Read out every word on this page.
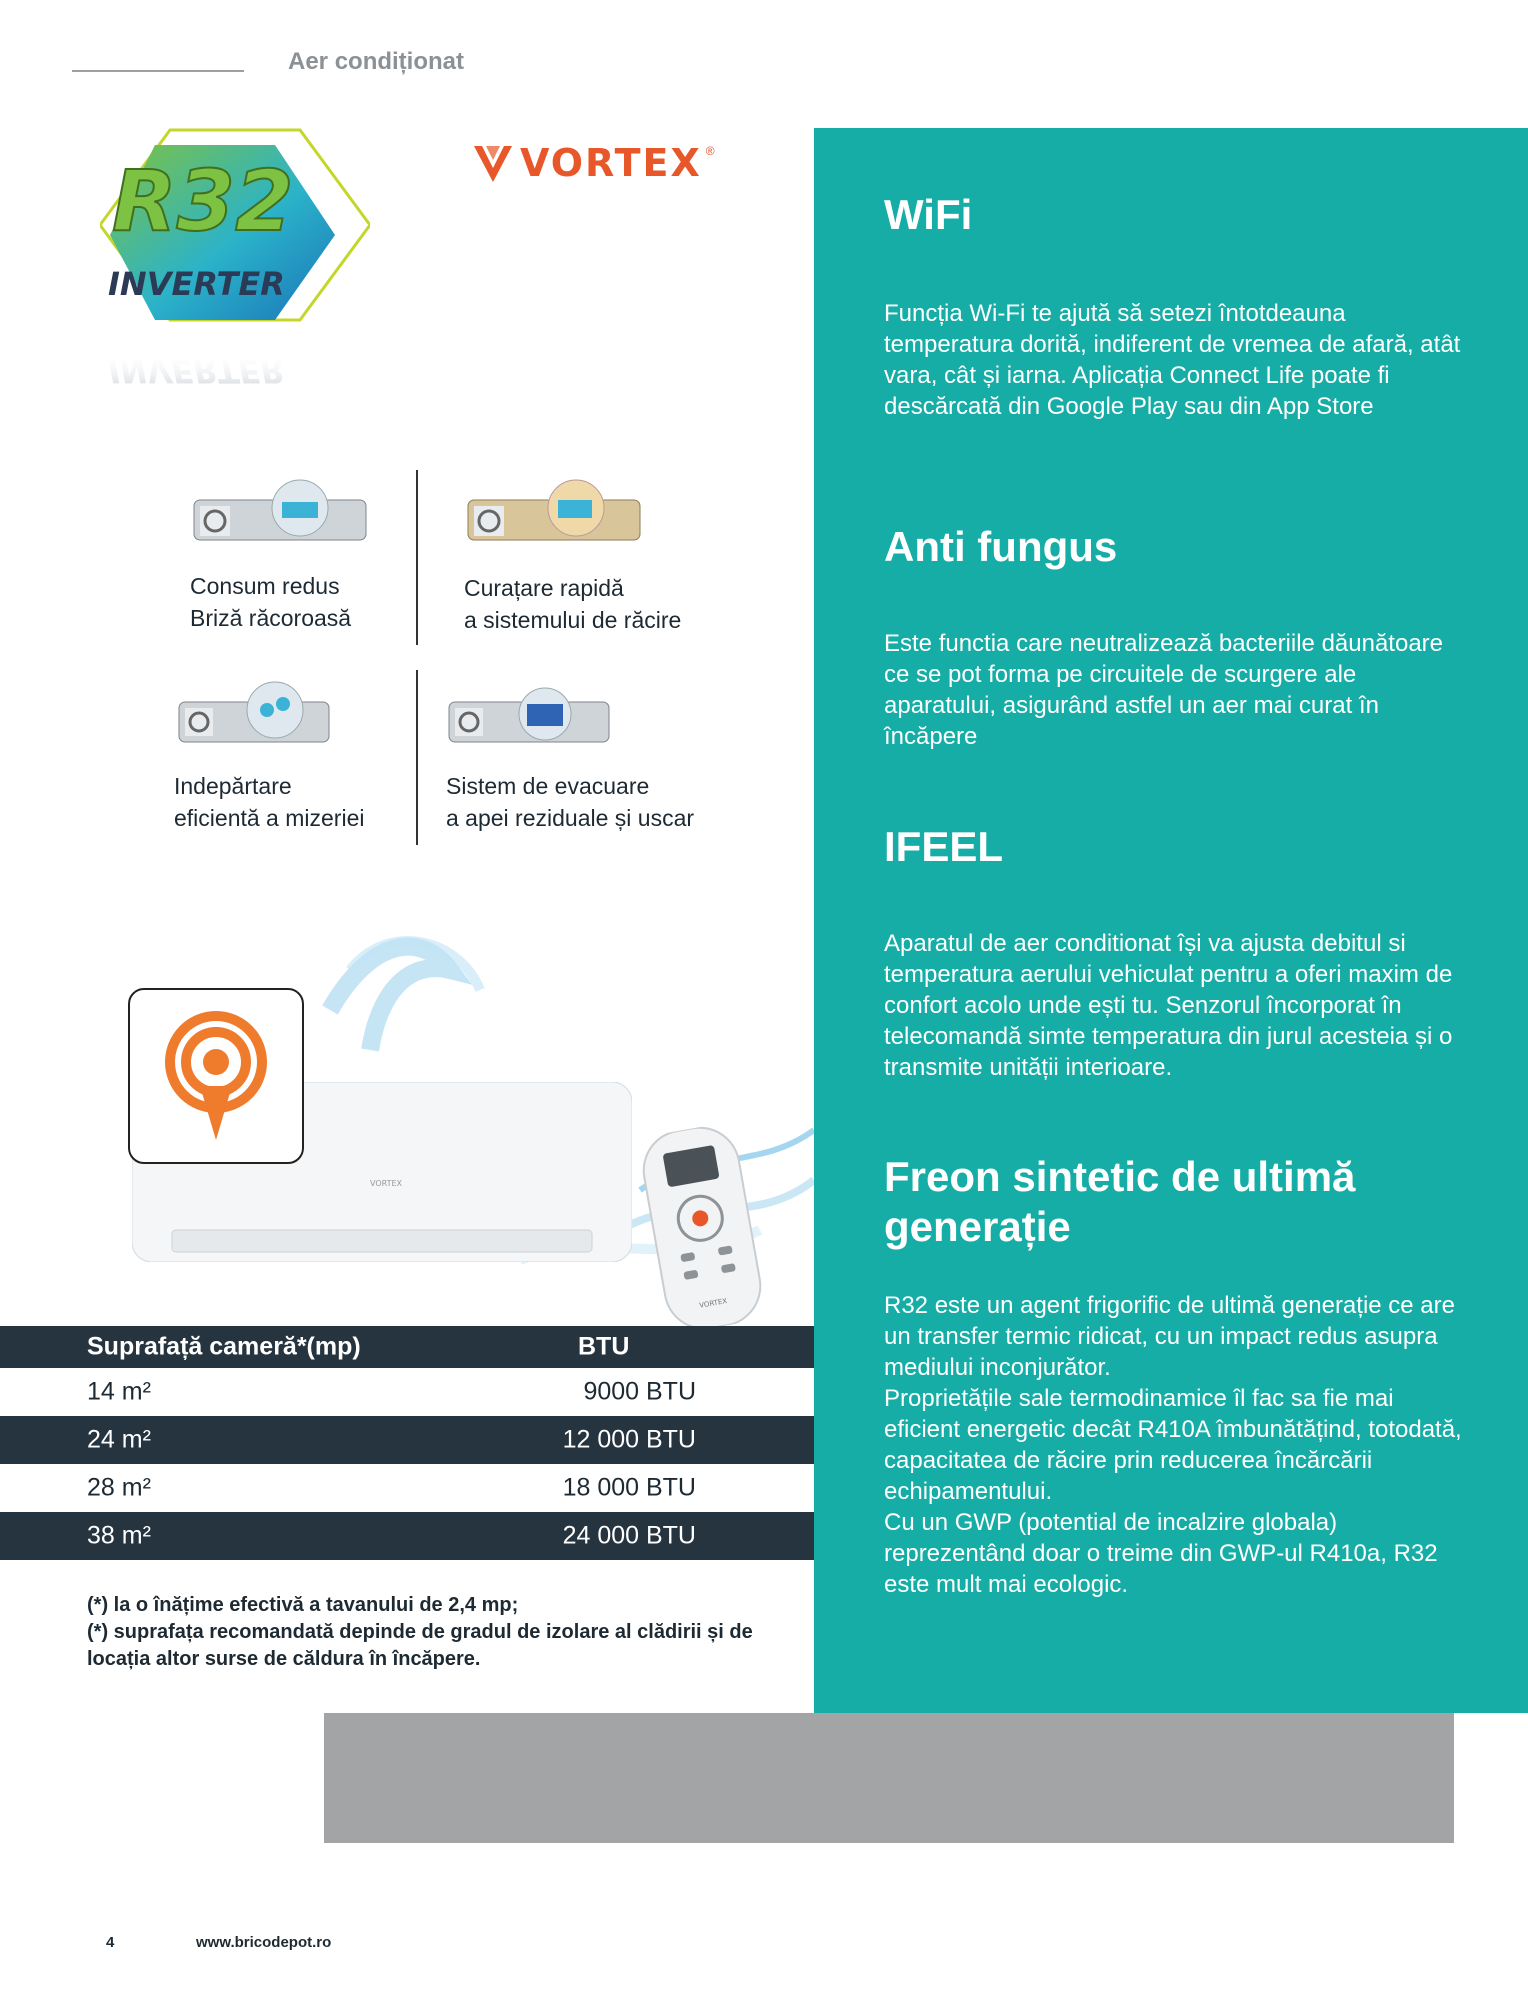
Aer condiționat
R32
INVERTER
INVERTER
VORTEX ®
Consum redus
Briză răcoroasă
Curațare rapidă
a sistemului de răcire
Indepărtare
eficientă a mizeriei
Sistem de evacuare
a apei reziduale și uscar
VORTEX
VORTEX
Suprafață cameră*(mp)	BTU
14 m²	9000 BTU
24 m²	12 000 BTU
28 m²	18 000 BTU
38 m²	24 000 BTU
(*) la o înățime efectivă a tavanului de 2,4 mp;
(*) suprafața recomandată depinde de gradul de izolare al clădirii și de locația altor surse de căldura în încăpere.
WiFi
Funcția Wi-Fi te ajută să setezi întotdeauna temperatura dorită, indiferent de vremea de afară, atât vara, cât și iarna. Aplicația Connect Life poate fi descărcată din Google Play sau din App Store
Anti fungus
Este functia care neutralizează bacteriile dăunătoare ce se pot forma pe circuitele de scurgere ale aparatului, asigurând astfel un aer mai curat în încăpere
IFEEL
Aparatul de aer conditionat își va ajusta debitul si temperatura aerului vehiculat pentru a oferi maxim de confort acolo unde ești tu. Senzorul încorporat în telecomandă simte temperatura din jurul acesteia și o transmite unității interioare.
Freon sintetic de ultimă
generație
R32 este un agent frigorific de ultimă generație ce are un transfer termic ridicat, cu un impact redus asupra mediului inconjurător.
Proprietățile sale termodinamice îl fac sa fie mai eficient energetic decât R410A îmbunătățind, totodată, capacitatea de răcire prin reducerea încărcării echipamentului.
Cu un GWP (potential de incalzire globala) reprezentând doar o treime din GWP-ul R410a, R32 este mult mai ecologic.
4	www.bricodepot.ro
